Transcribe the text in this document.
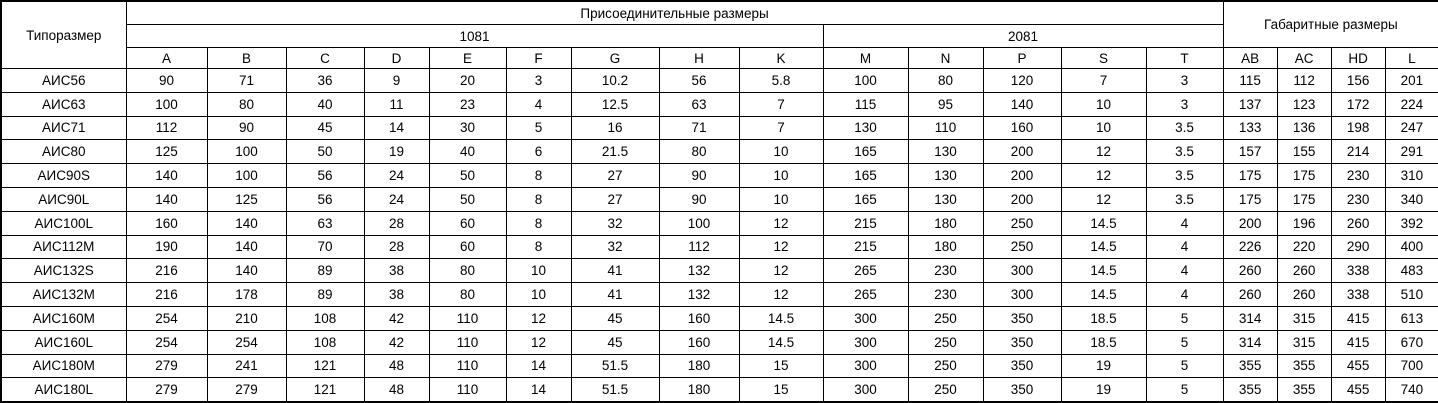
Типоразмер	Присоединительные размеры														Габаритные размеры			
	1081									2081								
	A	B	C	D	E	F	G	H	K	M	N	P	S	T	AB	AC	HD	L
АИС56	90	71	36	9	20	3	10.2	56	5.8	100	80	120	7	3	115	112	156	201
АИС63	100	80	40	11	23	4	12.5	63	7	115	95	140	10	3	137	123	172	224
АИС71	112	90	45	14	30	5	16	71	7	130	110	160	10	3.5	133	136	198	247
АИС80	125	100	50	19	40	6	21.5	80	10	165	130	200	12	3.5	157	155	214	291
АИС90S	140	100	56	24	50	8	27	90	10	165	130	200	12	3.5	175	175	230	310
АИС90L	140	125	56	24	50	8	27	90	10	165	130	200	12	3.5	175	175	230	340
АИС100L	160	140	63	28	60	8	32	100	12	215	180	250	14.5	4	200	196	260	392
АИС112M	190	140	70	28	60	8	32	112	12	215	180	250	14.5	4	226	220	290	400
АИС132S	216	140	89	38	80	10	41	132	12	265	230	300	14.5	4	260	260	338	483
АИС132M	216	178	89	38	80	10	41	132	12	265	230	300	14.5	4	260	260	338	510
АИС160M	254	210	108	42	110	12	45	160	14.5	300	250	350	18.5	5	314	315	415	613
АИС160L	254	254	108	42	110	12	45	160	14.5	300	250	350	18.5	5	314	315	415	670
АИС180M	279	241	121	48	110	14	51.5	180	15	300	250	350	19	5	355	355	455	700
АИС180L	279	279	121	48	110	14	51.5	180	15	300	250	350	19	5	355	355	455	740
